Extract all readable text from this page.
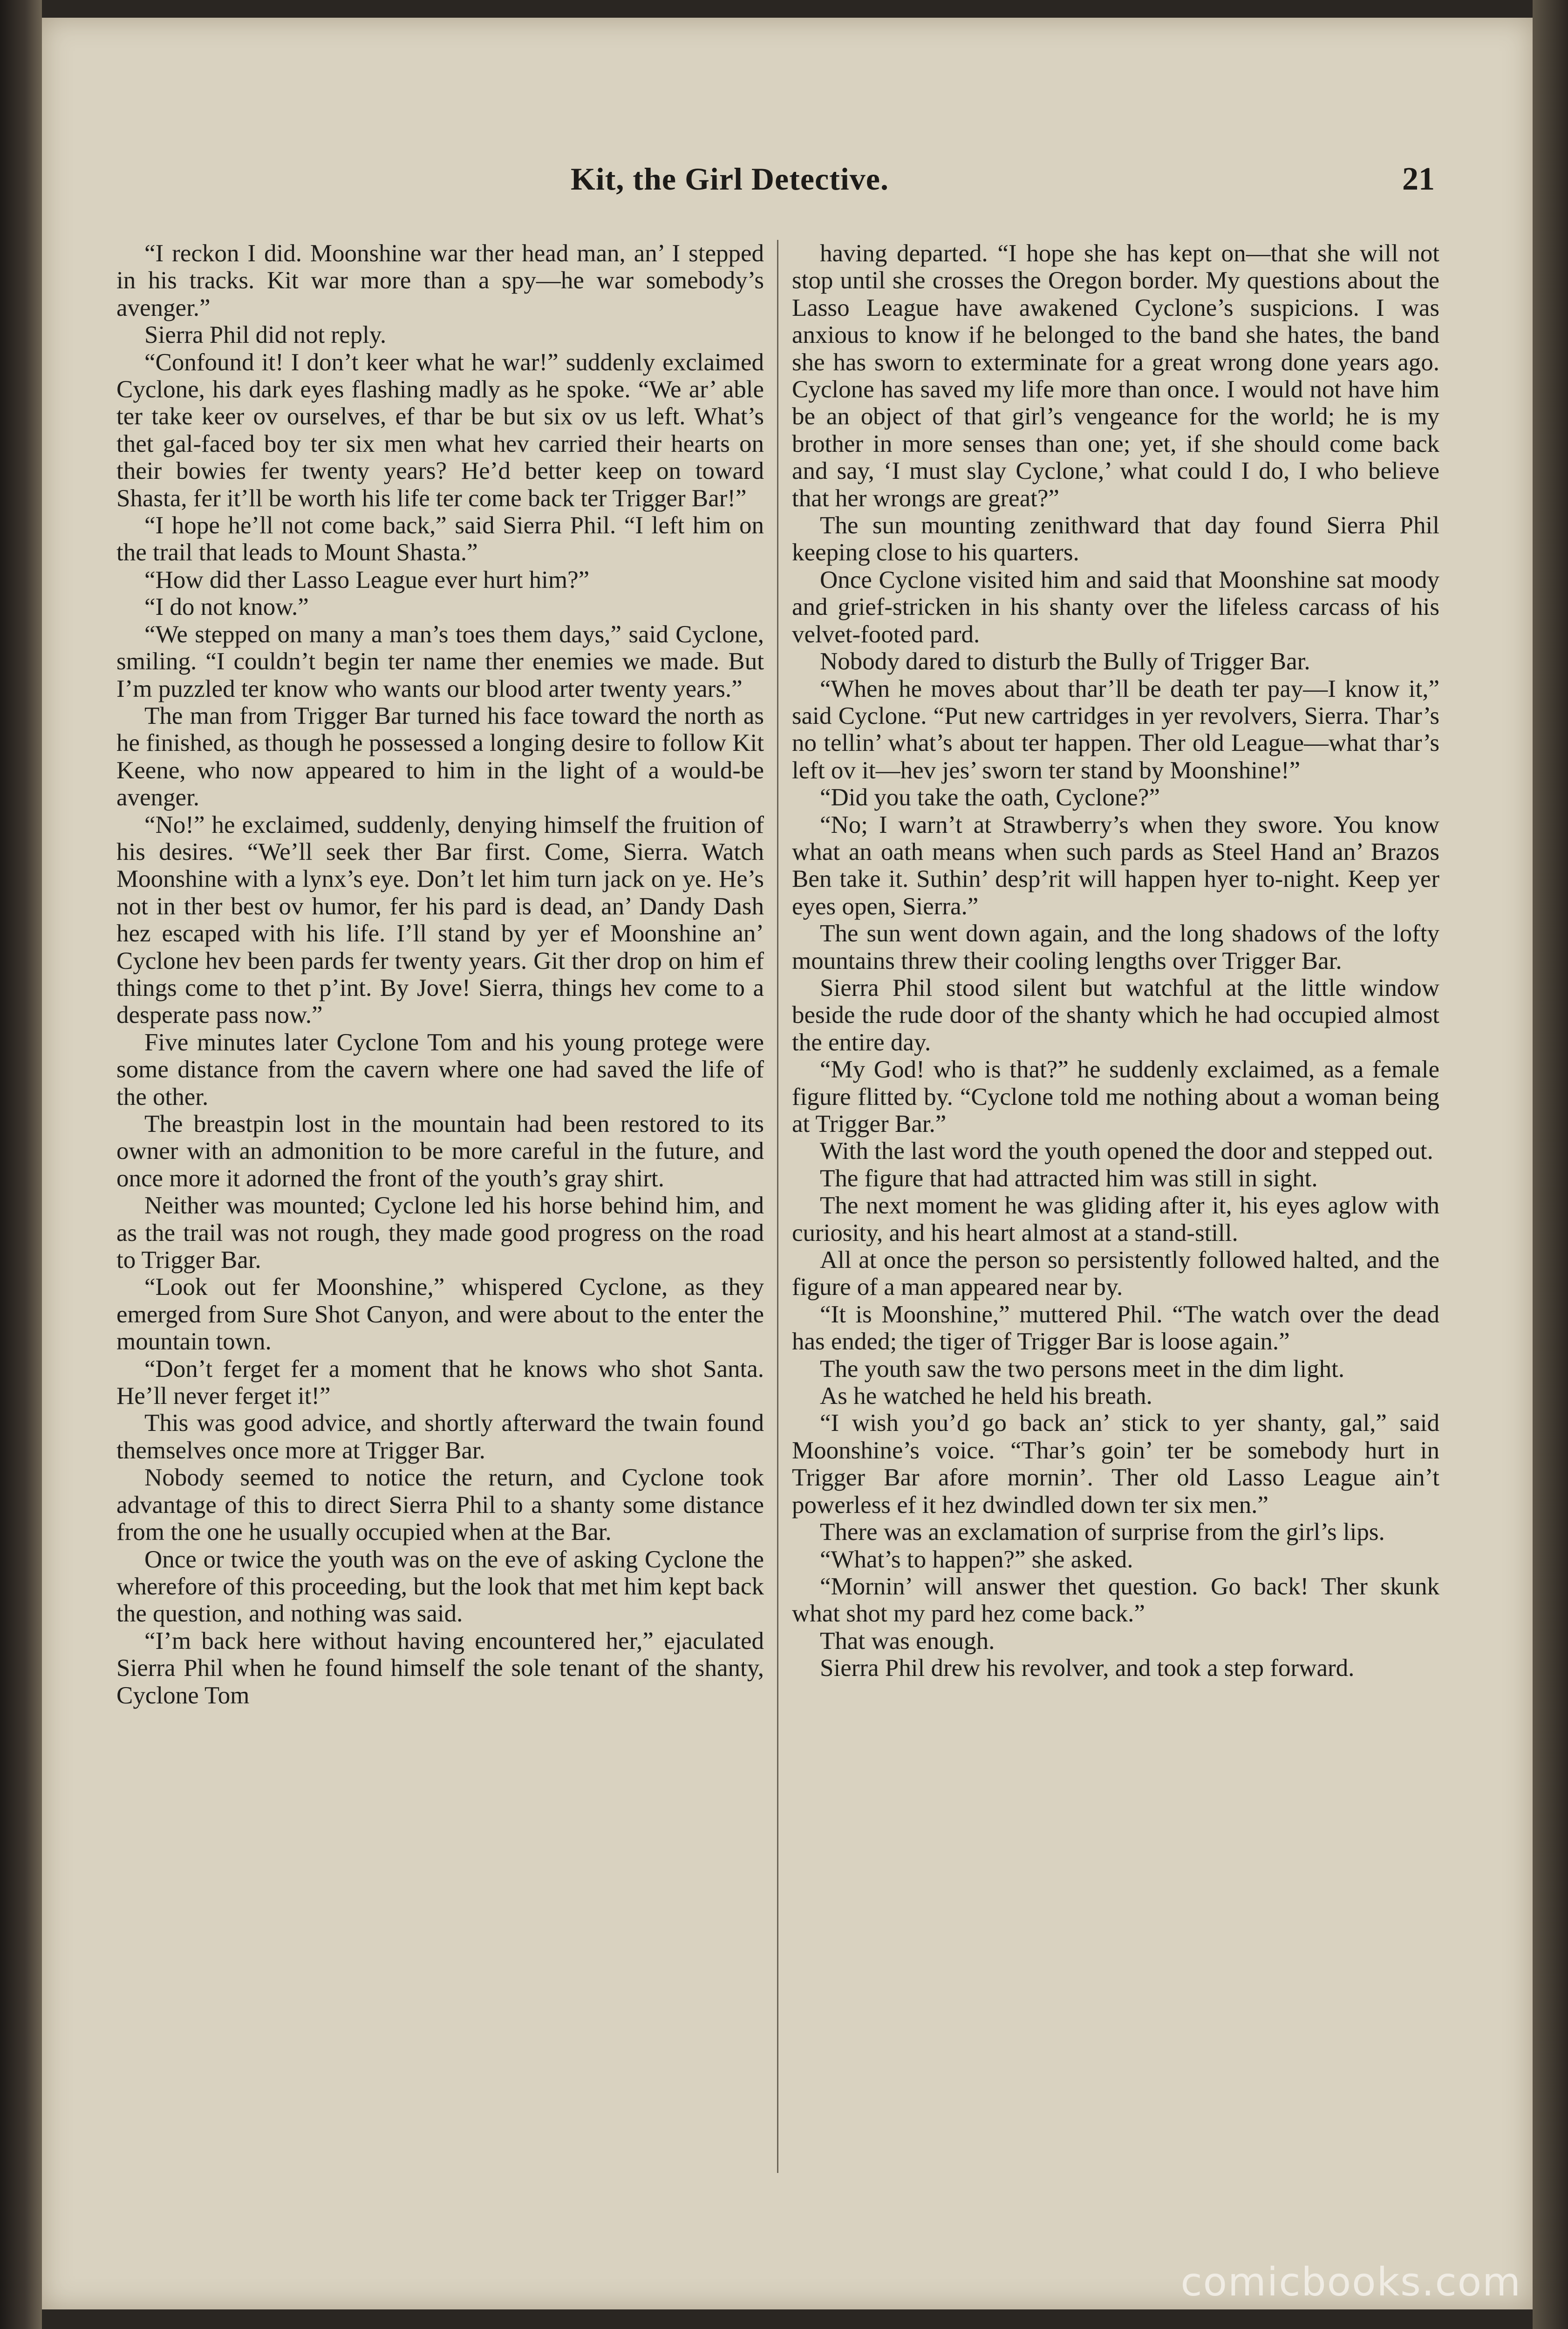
Kit, the Girl Detective.	21

“I reckon I did. Moonshine war ther head man, an’ I stepped in his tracks. Kit war more than a spy—he war somebody’s avenger.”

Sierra Phil did not reply.

“Confound it! I don’t keer what he war!” suddenly exclaimed Cyclone, his dark eyes flashing madly as he spoke. “We ar’ able ter take keer ov ourselves, ef thar be but six ov us left. What’s thet gal-faced boy ter six men what hev carried their hearts on their bowies fer twenty years? He’d better keep on toward Shasta, fer it’ll be worth his life ter come back ter Trigger Bar!”

“I hope he’ll not come back,” said Sierra Phil. “I left him on the trail that leads to Mount Shasta.”

“How did ther Lasso League ever hurt him?”

“I do not know.”

“We stepped on many a man’s toes them days,” said Cyclone, smiling. “I couldn’t begin ter name ther enemies we made. But I’m puzzled ter know who wants our blood arter twenty years.”

The man from Trigger Bar turned his face toward the north as he finished, as though he possessed a longing desire to follow Kit Keene, who now appeared to him in the light of a would-be avenger.

“No!” he exclaimed, suddenly, denying himself the fruition of his desires. “We’ll seek ther Bar first. Come, Sierra. Watch Moonshine with a lynx’s eye. Don’t let him turn jack on ye. He’s not in ther best ov humor, fer his pard is dead, an’ Dandy Dash hez escaped with his life. I’ll stand by yer ef Moonshine an’ Cyclone hev been pards fer twenty years. Git ther drop on him ef things come to thet p’int. By Jove! Sierra, things hev come to a desperate pass now.”

Five minutes later Cyclone Tom and his young protege were some distance from the cavern where one had saved the life of the other.

The breastpin lost in the mountain had been restored to its owner with an admonition to be more careful in the future, and once more it adorned the front of the youth’s gray shirt.

Neither was mounted; Cyclone led his horse behind him, and as the trail was not rough, they made good progress on the road to Trigger Bar.

“Look out fer Moonshine,” whispered Cyclone, as they emerged from Sure Shot Canyon, and were about to the enter the mountain town.

“Don’t ferget fer a moment that he knows who shot Santa. He’ll never ferget it!”

This was good advice, and shortly afterward the twain found themselves once more at Trigger Bar.

Nobody seemed to notice the return, and Cyclone took advantage of this to direct Sierra Phil to a shanty some distance from the one he usually occupied when at the Bar.

Once or twice the youth was on the eve of asking Cyclone the wherefore of this proceeding, but the look that met him kept back the question, and nothing was said.

“I’m back here without having encountered her,” ejaculated Sierra Phil when he found himself the sole tenant of the shanty, Cyclone Tom

having departed. “I hope she has kept on—that she will not stop until she crosses the Oregon border. My questions about the Lasso League have awakened Cyclone’s suspicions. I was anxious to know if he belonged to the band she hates, the band she has sworn to exterminate for a great wrong done years ago. Cyclone has saved my life more than once. I would not have him be an object of that girl’s vengeance for the world; he is my brother in more senses than one; yet, if she should come back and say, ‘I must slay Cyclone,’ what could I do, I who believe that her wrongs are great?”

The sun mounting zenithward that day found Sierra Phil keeping close to his quarters.

Once Cyclone visited him and said that Moonshine sat moody and grief-stricken in his shanty over the lifeless carcass of his velvet-footed pard.

Nobody dared to disturb the Bully of Trigger Bar.

“When he moves about thar’ll be death ter pay—I know it,” said Cyclone. “Put new cartridges in yer revolvers, Sierra. Thar’s no tellin’ what’s about ter happen. Ther old League—what thar’s left ov it—hev jes’ sworn ter stand by Moonshine!”

“Did you take the oath, Cyclone?”

“No; I warn’t at Strawberry’s when they swore. You know what an oath means when such pards as Steel Hand an’ Brazos Ben take it. Suthin’ desp’rit will happen hyer to-night. Keep yer eyes open, Sierra.”

The sun went down again, and the long shadows of the lofty mountains threw their cooling lengths over Trigger Bar.

Sierra Phil stood silent but watchful at the little window beside the rude door of the shanty which he had occupied almost the entire day.

“My God! who is that?” he suddenly exclaimed, as a female figure flitted by. “Cyclone told me nothing about a woman being at Trigger Bar.”

With the last word the youth opened the door and stepped out.

The figure that had attracted him was still in sight.

The next moment he was gliding after it, his eyes aglow with curiosity, and his heart almost at a stand-still.

All at once the person so persistently followed halted, and the figure of a man appeared near by.

“It is Moonshine,” muttered Phil. “The watch over the dead has ended; the tiger of Trigger Bar is loose again.”

The youth saw the two persons meet in the dim light.

As he watched he held his breath.

“I wish you’d go back an’ stick to yer shanty, gal,” said Moonshine’s voice. “Thar’s goin’ ter be somebody hurt in Trigger Bar afore mornin’. Ther old Lasso League ain’t powerless ef it hez dwindled down ter six men.”

There was an exclamation of surprise from the girl’s lips.

“What’s to happen?” she asked.

“Mornin’ will answer thet question. Go back! Ther skunk what shot my pard hez come back.”

That was enough.

Sierra Phil drew his revolver, and took a step forward.

comicbooks.com
